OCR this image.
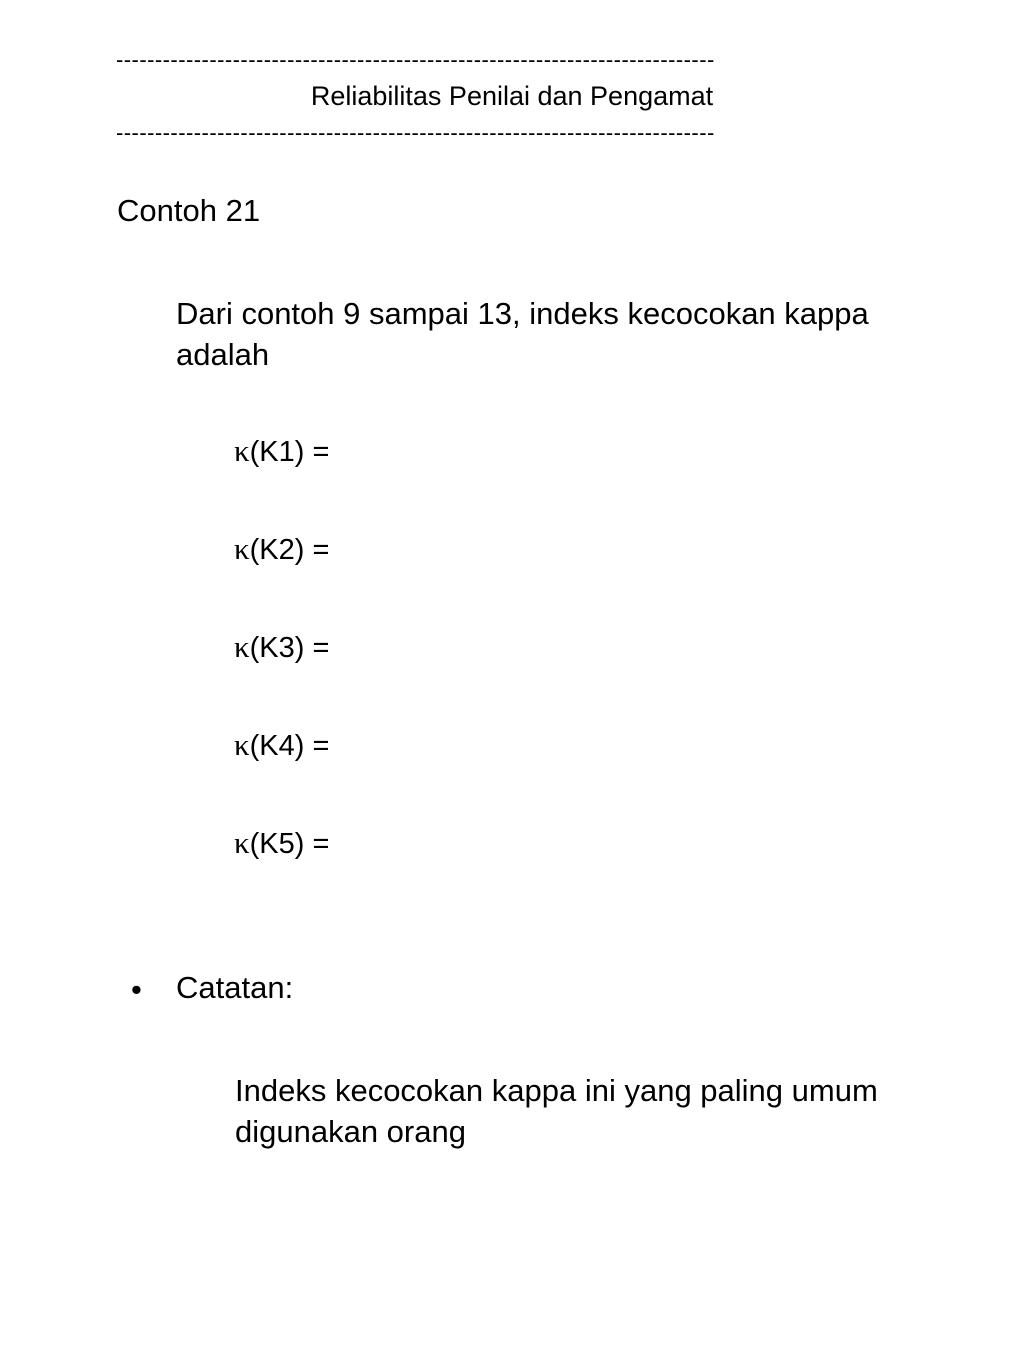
-----------------------------------------------------------------------------
Reliabilitas Penilai dan Pengamat
-----------------------------------------------------------------------------
Contoh 21
Dari contoh 9 sampai 13, indeks kecocokan kappa
adalah
κ(K1) =
κ(K2) =
κ(K3) =
κ(K4) =
κ(K5) =
• Catatan:
Indeks kecocokan kappa ini yang paling umum
digunakan orang
